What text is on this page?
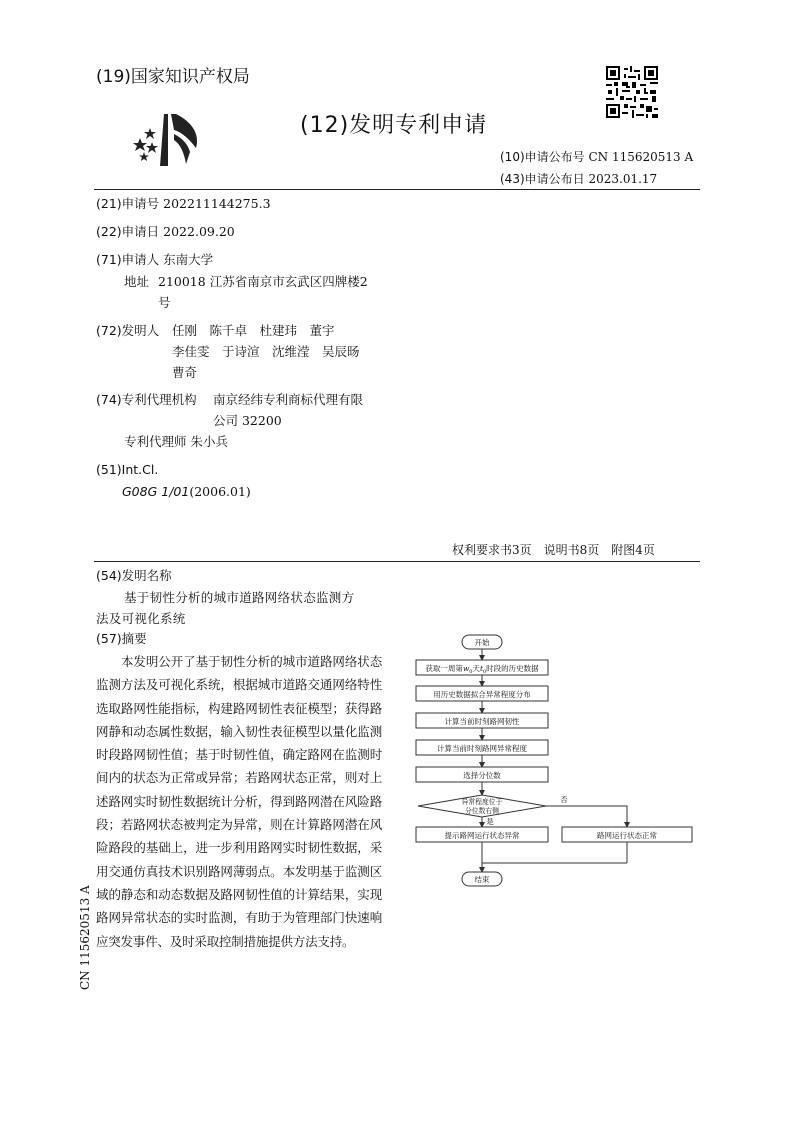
(19)国家知识产权局
(12)发明专利申请
(10)申请公布号 CN 115620513 A
(43)申请公布日 2023.01.17
(21)申请号 202211144275.3
(22)申请日 2022.09.20
(71)申请人 东南大学
地址 210018 江苏省南京市玄武区四牌楼2
号
(72)发明人 任刚　陈千卓　杜建玮　董宇
李佳雯　于诗渲　沈维滢　吴辰旸
曹奇
(74)专利代理机构 南京经纬专利商标代理有限
公司 32200
专利代理师 朱小兵
(51)Int.Cl.
G08G 1/01(2006.01)
权利要求书3页　说明书8页　附图4页
(54)发明名称
基于韧性分析的城市道路网络状态监测方
法及可视化系统
(57)摘要
本发明公开了基于韧性分析的城市道路网络状态监测方法及可视化系统，根据城市道路交通网络特性选取路网性能指标，构建路网韧性表征模型；获得路网静和动态属性数据，输入韧性表征模型以量化监测时段路网韧性值；基于时韧性值，确定路网在监测时间内的状态为正常或异常；若路网状态正常，则对上述路网实时韧性数据统计分析，得到路网潜在风险路段；若路网状态被判定为异常，则在计算路网潜在风险路段的基础上，进一步利用路网实时韧性数据，采用交通仿真技术识别路网薄弱点。本发明基于监测区域的静态和动态数据及路网韧性值的计算结果，实现路网异常状态的实时监测，有助于为管理部门快速响应突发事件、及时采取控制措施提供方法支持。
CN 115620513 A
开始
获取一周第$w_0$天$t_0$时段的历史数据
用历史数据拟合异常程度分布
计算当前时刻路网韧性
计算当前时刻路网异常程度
异常程度位于
分位数右侧
否
是
提示路网运行状态异常	路网运行状态正常
结束
选择分位数
